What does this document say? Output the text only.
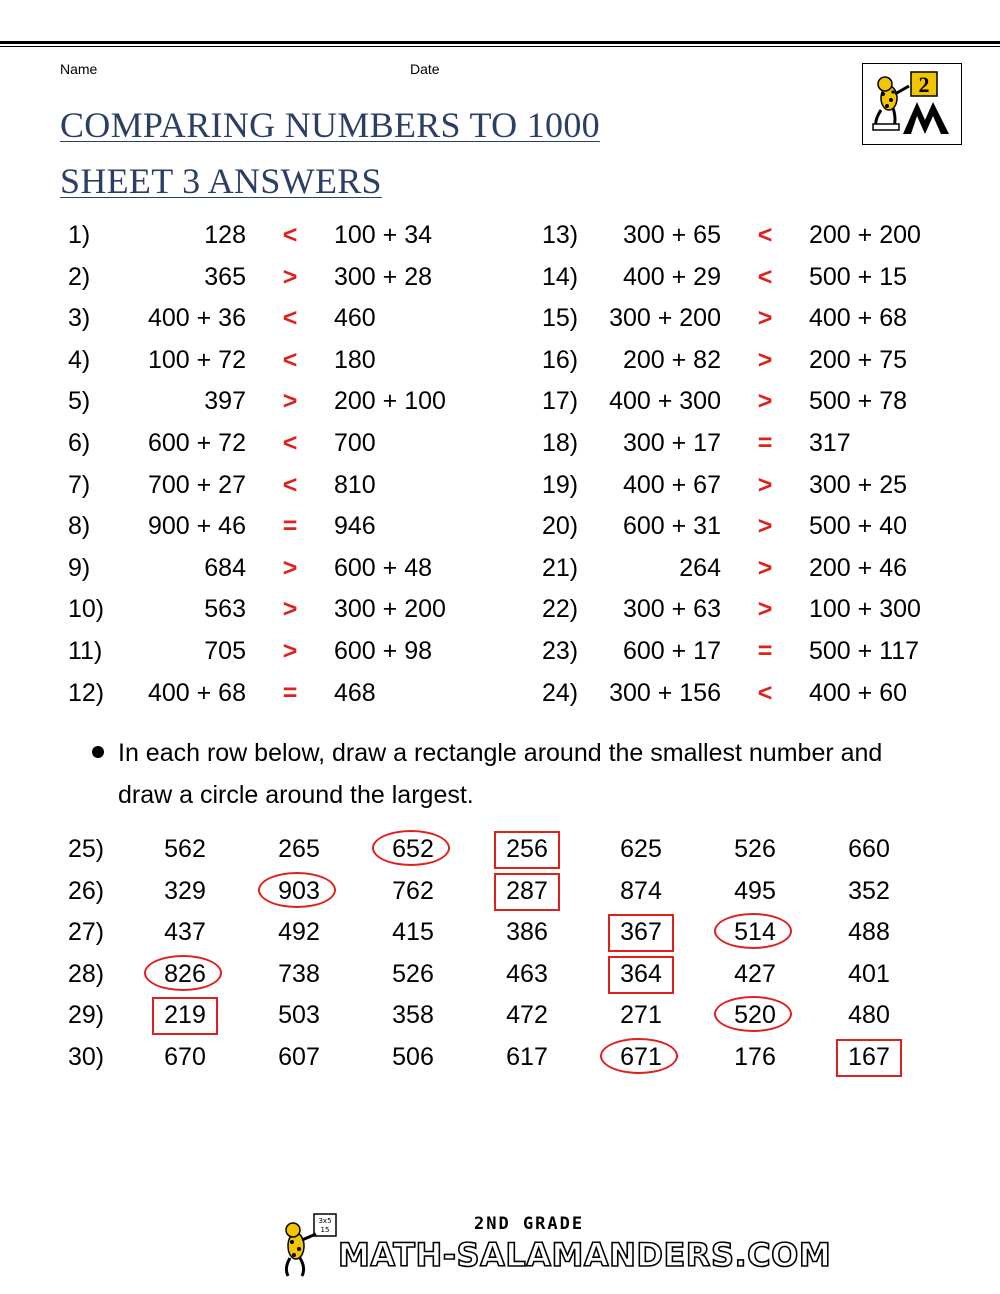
Name	Date
COMPARING NUMBERS TO 1000
SHEET 3 ANSWERS
2
1)	128	<	100 + 34
2)	365	>	300 + 28
3) 400 + 36	<	460
4) 100 + 72	<	180
5)	397	>	200 + 100
6) 600 + 72	<	700
7) 700 + 27	<	810
8) 900 + 46	=	946
9)	684	>	600 + 48
10)	563	>	300 + 200
11)	705	>	600 + 98
12) 400 + 68	=	468
13) 300 + 65	<	200 + 200
14) 400 + 29	<	500 + 15
15) 300 + 200	>	400 + 68
16) 200 + 82	>	200 + 75
17) 400 + 300	>	500 + 78
18) 300 + 17	=	317
19) 400 + 67	>	300 + 25
20) 600 + 31	>	500 + 40
21)	264	>	200 + 46
22) 300 + 63	>	100 + 300
23) 600 + 17	=	500 + 117
24) 300 + 156	<	400 + 60
In each row below, draw a rectangle around the smallest number and draw a circle around the largest.
25)	562	265	652	256	625	526	660
26)	329	903	762	287	874	495	352
27)	437	492	415	386	367	514	488
28)	826	738	526	463	364	427	401
29)	219	503	358	472	271	520	480
30)	670	607	506	617	671	176	167
3x5
15	2ND GRADE
MATH-SALAMANDERS.COM
